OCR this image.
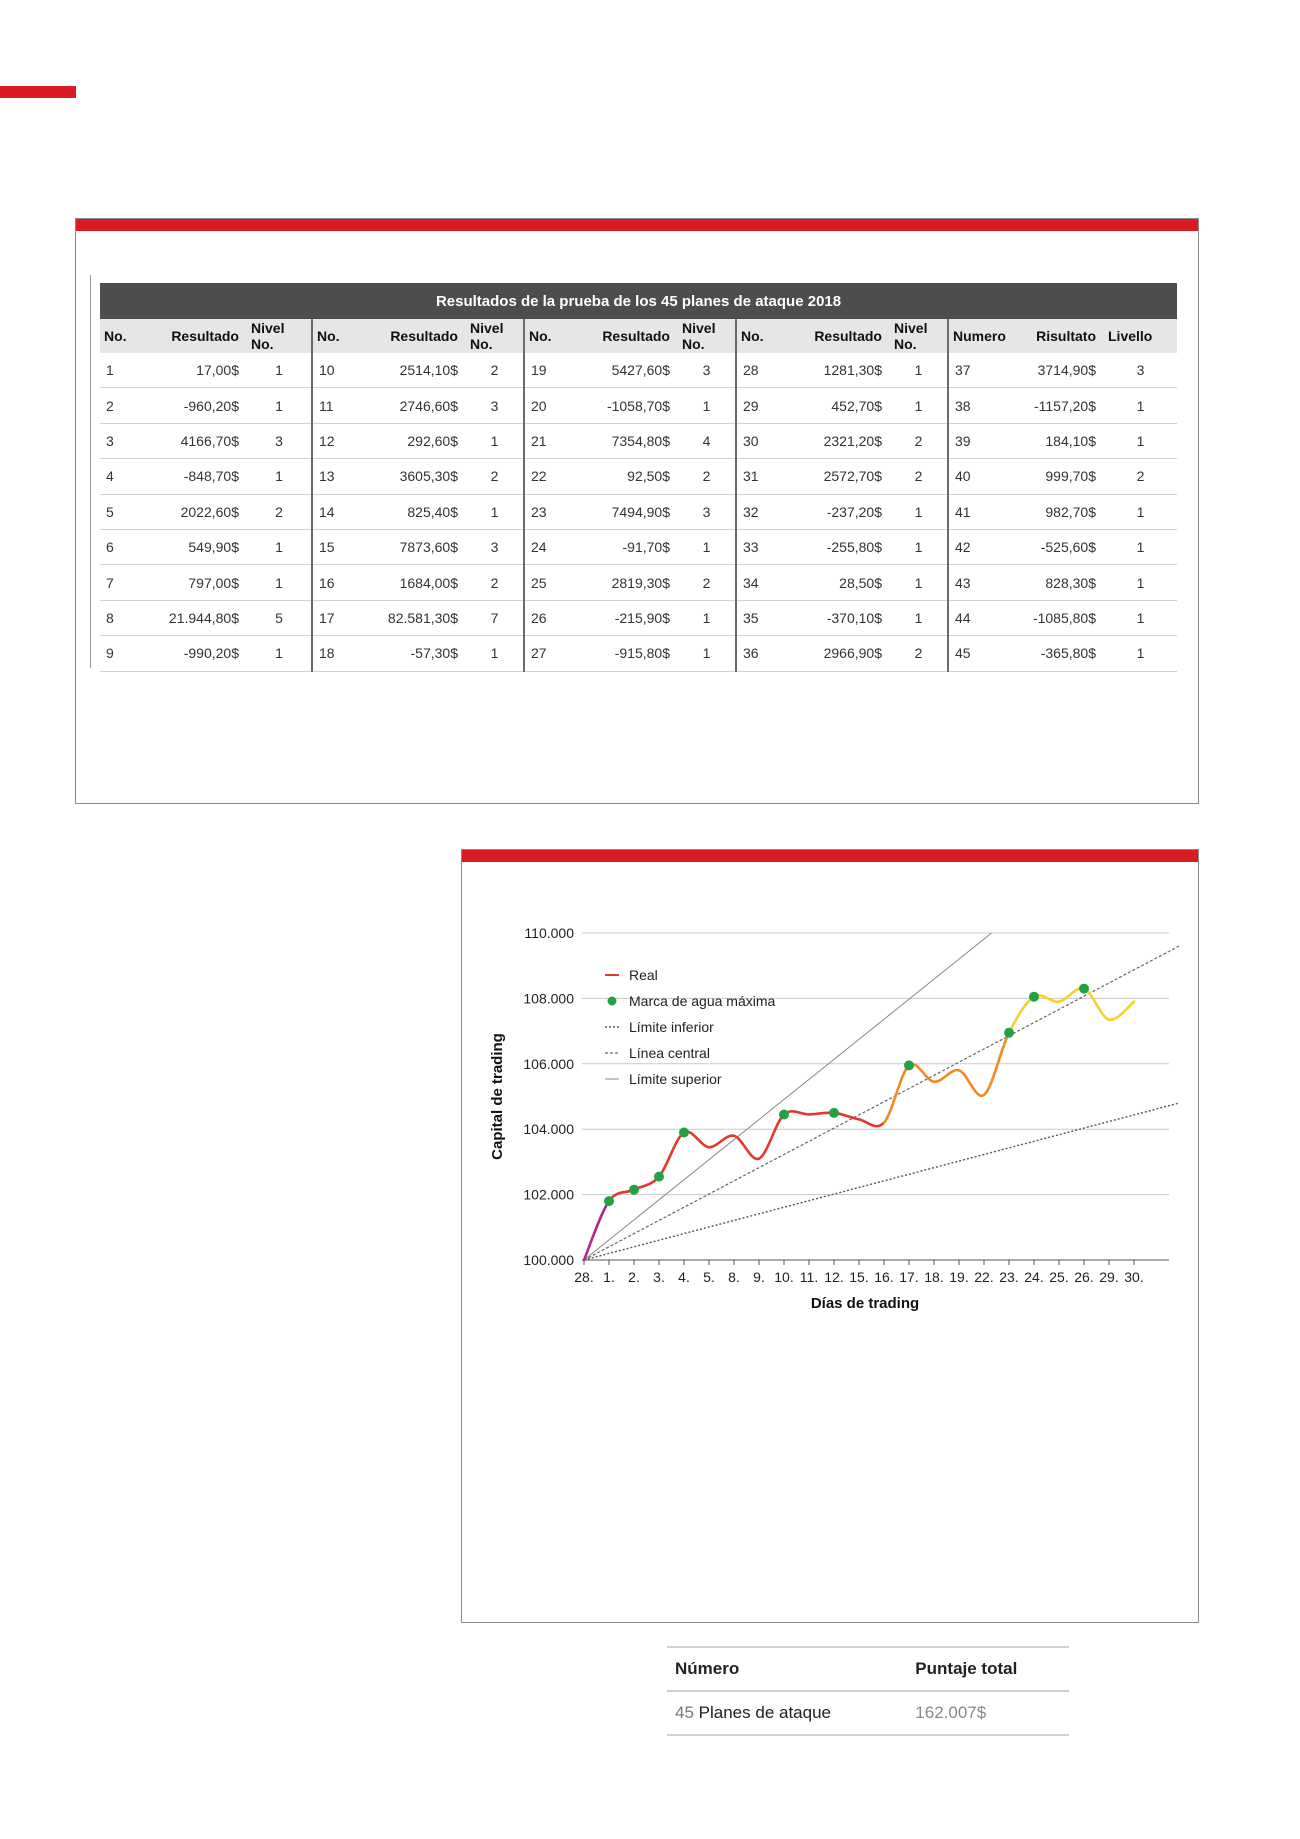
Resultados de la prueba de los 45 planes de ataque 2018														
No.	Resultado	Nivel No.	No.	Resultado	Nivel No.	No.	Resultado	Nivel No.	No.	Resultado	Nivel No.	Numero	Risultato	Livello
1	17,00$	1	10	2514,10$	2	19	5427,60$	3	28	1281,30$	1	37	3714,90$	3
2	-960,20$	1	11	2746,60$	3	20	-1058,70$	1	29	452,70$	1	38	-1157,20$	1
3	4166,70$	3	12	292,60$	1	21	7354,80$	4	30	2321,20$	2	39	184,10$	1
4	-848,70$	1	13	3605,30$	2	22	92,50$	2	31	2572,70$	2	40	999,70$	2
5	2022,60$	2	14	825,40$	1	23	7494,90$	3	32	-237,20$	1	41	982,70$	1
6	549,90$	1	15	7873,60$	3	24	-91,70$	1	33	-255,80$	1	42	-525,60$	1
7	797,00$	1	16	1684,00$	2	25	2819,30$	2	34	28,50$	1	43	828,30$	1
8	21.944,80$	5	17	82.581,30$	7	26	-215,90$	1	35	-370,10$	1	44	-1085,80$	1
9	-990,20$	1	18	-57,30$	1	27	-915,80$	1	36	2966,90$	2	45	-365,80$	1
100.000
102.000
104.000
106.000
108.000
110.000
28. 1. 2. 3. 4. 5. 8. 9. 10. 11. 12. 15. 16. 17. 18. 19. 22. 23. 24. 25. 26. 29. 30.
Días de trading
Capital de trading
Real
Marca de agua máxima
Límite inferior
Línea central
Límite superior
Número	Puntaje total
45 Planes de ataque	162.007$
